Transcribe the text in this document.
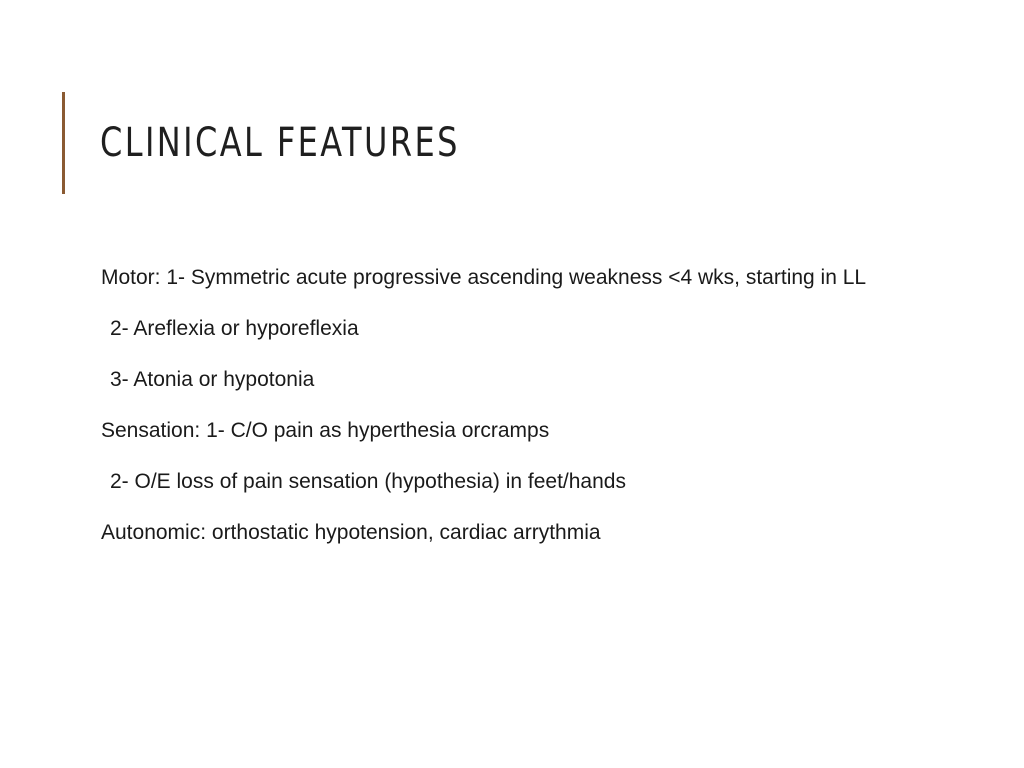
CLINICAL FEATURES

Motor: 1- Symmetric acute progressive ascending weakness <4 wks, starting in LL

2- Areflexia or hyporeflexia

3- Atonia or hypotonia

Sensation: 1- C/O pain as hyperthesia orcramps

2- O/E loss of pain sensation (hypothesia) in feet/hands

Autonomic: orthostatic hypotension, cardiac arrythmia
